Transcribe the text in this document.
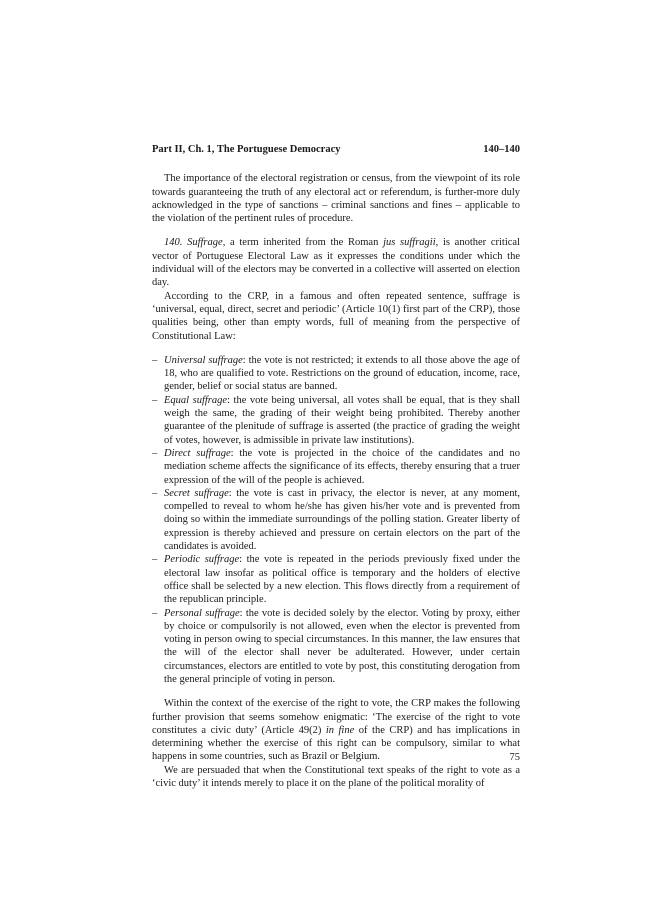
Part II, Ch. 1, The Portuguese Democracy	140–140

The importance of the electoral registration or census, from the viewpoint of its role towards guaranteeing the truth of any electoral act or referendum, is further-more duly acknowledged in the type of sanctions – criminal sanctions and fines – applicable to the violation of the pertinent rules of procedure.

140. Suffrage, a term inherited from the Roman jus suffragii, is another critical vector of Portuguese Electoral Law as it expresses the conditions under which the individual will of the electors may be converted in a collective will asserted on election day.

According to the CRP, in a famous and often repeated sentence, suffrage is ‘universal, equal, direct, secret and periodic’ (Article 10(1) first part of the CRP), those qualities being, other than empty words, full of meaning from the perspective of Constitutional Law:

– Universal suffrage: the vote is not restricted; it extends to all those above the age of 18, who are qualified to vote. Restrictions on the ground of education, income, race, gender, belief or social status are banned.
– Equal suffrage: the vote being universal, all votes shall be equal, that is they shall weigh the same, the grading of their weight being prohibited. Thereby another guarantee of the plenitude of suffrage is asserted (the practice of grading the weight of votes, however, is admissible in private law institutions).
– Direct suffrage: the vote is projected in the choice of the candidates and no mediation scheme affects the significance of its effects, thereby ensuring that a truer expression of the will of the people is achieved.
– Secret suffrage: the vote is cast in privacy, the elector is never, at any moment, compelled to reveal to whom he/she has given his/her vote and is prevented from doing so within the immediate surroundings of the polling station. Greater liberty of expression is thereby achieved and pressure on certain electors on the part of the candidates is avoided.
– Periodic suffrage: the vote is repeated in the periods previously fixed under the electoral law insofar as political office is temporary and the holders of elective office shall be selected by a new election. This flows directly from a requirement of the republican principle.
– Personal suffrage: the vote is decided solely by the elector. Voting by proxy, either by choice or compulsorily is not allowed, even when the elector is prevented from voting in person owing to special circumstances. In this manner, the law ensures that the will of the elector shall never be adulterated. However, under certain circumstances, electors are entitled to vote by post, this constituting derogation from the general principle of voting in person.

Within the context of the exercise of the right to vote, the CRP makes the following further provision that seems somehow enigmatic: ‘The exercise of the right to vote constitutes a civic duty’ (Article 49(2) in fine of the CRP) and has implications in determining whether the exercise of this right can be compulsory, similar to what happens in some countries, such as Brazil or Belgium.

We are persuaded that when the Constitutional text speaks of the right to vote as a ‘civic duty’ it intends merely to place it on the plane of the political morality of

75
